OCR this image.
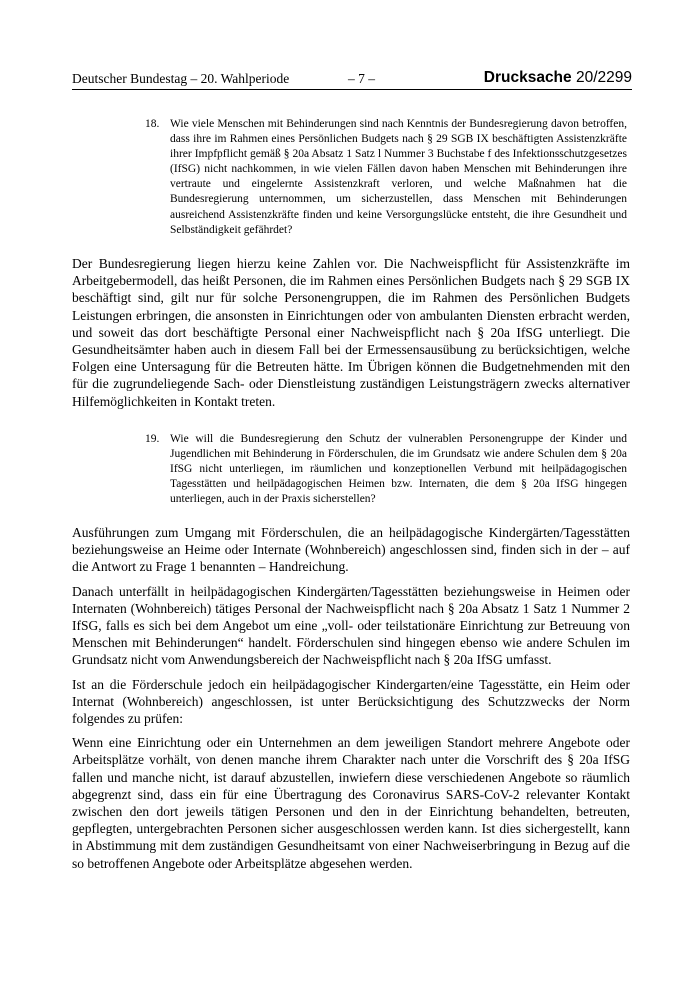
Deutscher Bundestag – 20. Wahlperiode	– 7 –	Drucksache 20/2299
18. Wie viele Menschen mit Behinderungen sind nach Kenntnis der Bundesregierung davon betroffen, dass ihre im Rahmen eines Persönlichen Budgets nach § 29 SGB IX beschäftigten Assistenzkräfte ihrer Impfpflicht gemäß § 20a Absatz 1 Satz l Nummer 3 Buchstabe f des Infektionsschutzgesetzes (IfSG) nicht nachkommen, in wie vielen Fällen davon haben Menschen mit Behinderungen ihre vertraute und eingelernte Assistenzkraft verloren, und welche Maßnahmen hat die Bundesregierung unternommen, um sicherzustellen, dass Menschen mit Behinderungen ausreichend Assistenzkräfte finden und keine Versorgungslücke entsteht, die ihre Gesundheit und Selbständigkeit gefährdet?

Der Bundesregierung liegen hierzu keine Zahlen vor. Die Nachweispflicht für Assistenzkräfte im Arbeitgebermodell, das heißt Personen, die im Rahmen eines Persönlichen Budgets nach § 29 SGB IX beschäftigt sind, gilt nur für solche Personengruppen, die im Rahmen des Persönlichen Budgets Leistungen erbringen, die ansonsten in Einrichtungen oder von ambulanten Diensten erbracht werden, und soweit das dort beschäftigte Personal einer Nachweispflicht nach § 20a IfSG unterliegt. Die Gesundheitsämter haben auch in diesem Fall bei der Ermessensausübung zu berücksichtigen, welche Folgen eine Untersagung für die Betreuten hätte. Im Übrigen können die Budgetnehmenden mit den für die zugrundeliegende Sach- oder Dienstleistung zuständigen Leistungsträgern zwecks alternativer Hilfemöglichkeiten in Kontakt treten.

19. Wie will die Bundesregierung den Schutz der vulnerablen Personengruppe der Kinder und Jugendlichen mit Behinderung in Förderschulen, die im Grundsatz wie andere Schulen dem § 20a IfSG nicht unterliegen, im räumlichen und konzeptionellen Verbund mit heilpädagogischen Tagesstätten und heilpädagogischen Heimen bzw. Internaten, die dem § 20a IfSG hingegen unterliegen, auch in der Praxis sicherstellen?

Ausführungen zum Umgang mit Förderschulen, die an heilpädagogische Kindergärten/Tagesstätten beziehungsweise an Heime oder Internate (Wohnbereich) angeschlossen sind, finden sich in der – auf die Antwort zu Frage 1 benannten – Handreichung.

Danach unterfällt in heilpädagogischen Kindergärten/Tagesstätten beziehungsweise in Heimen oder Internaten (Wohnbereich) tätiges Personal der Nachweispflicht nach § 20a Absatz 1 Satz 1 Nummer 2 IfSG, falls es sich bei dem Angebot um eine „voll- oder teilstationäre Einrichtung zur Betreuung von Menschen mit Behinderungen“ handelt. Förderschulen sind hingegen ebenso wie andere Schulen im Grundsatz nicht vom Anwendungsbereich der Nachweispflicht nach § 20a IfSG umfasst.

Ist an die Förderschule jedoch ein heilpädagogischer Kindergarten/eine Tagesstätte, ein Heim oder Internat (Wohnbereich) angeschlossen, ist unter Berücksichtigung des Schutzzwecks der Norm folgendes zu prüfen:

Wenn eine Einrichtung oder ein Unternehmen an dem jeweiligen Standort mehrere Angebote oder Arbeitsplätze vorhält, von denen manche ihrem Charakter nach unter die Vorschrift des § 20a IfSG fallen und manche nicht, ist darauf abzustellen, inwiefern diese verschiedenen Angebote so räumlich abgegrenzt sind, dass ein für eine Übertragung des Coronavirus SARS-CoV-2 relevanter Kontakt zwischen den dort jeweils tätigen Personen und den in der Einrichtung behandelten, betreuten, gepflegten, untergebrachten Personen sicher ausgeschlossen werden kann. Ist dies sichergestellt, kann in Abstimmung mit dem zuständigen Gesundheitsamt von einer Nachweiserbringung in Bezug auf die so betroffenen Angebote oder Arbeitsplätze abgesehen werden.
